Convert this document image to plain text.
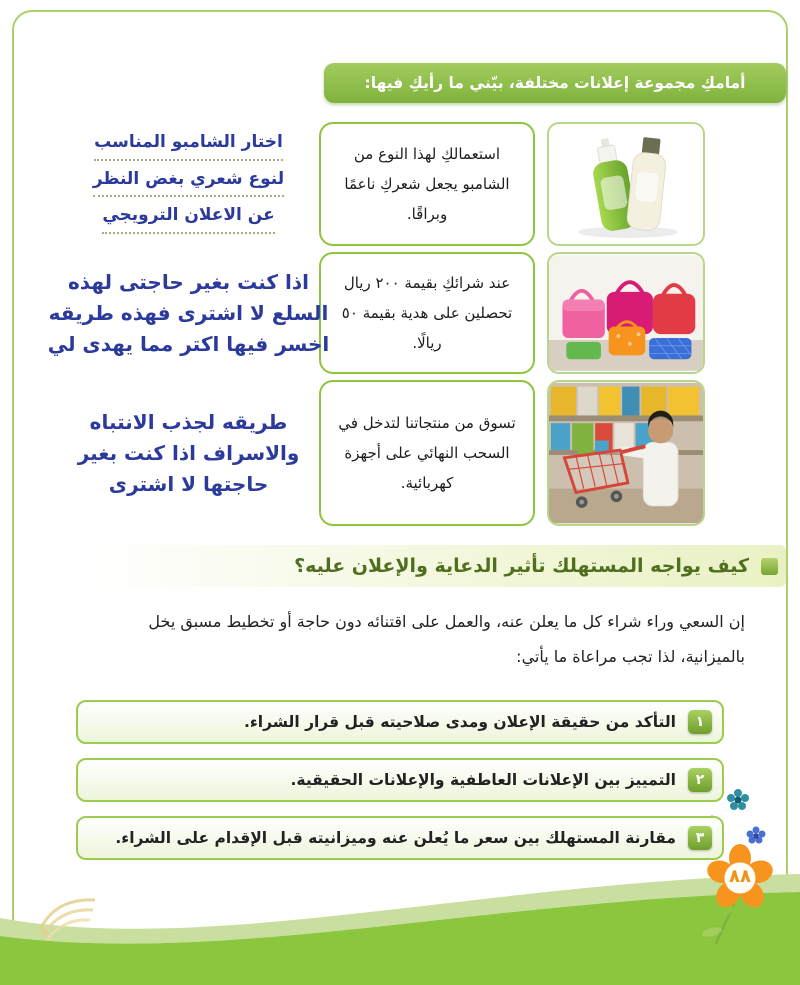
أمامكِ مجموعة إعلانات مختلفة، بيّني ما رأيكِ فيها:

استعمالكِ لهذا النوع من الشامبو يجعل شعركِ ناعمًا وبراقًا.

اختار الشامبو المناسب
لنوع شعري بغض النظر
عن الاعلان الترويجي

عند شرائكِ بقيمة ٢٠٠ ريال تحصلين على هدية بقيمة ٥٠ ريالًا.

اذا كنت بغير حاجتى لهذه
السلع لا اشترى فهذه طريقه
اخسر فيها اكتر مما يهدى لي

تسوق من منتجاتنا لتدخل في السحب النهائي على أجهزة كهربائية.

طريقه لجذب الانتباه
والاسراف اذا كنت بغير
حاجتها لا اشترى
كيف يواجه المستهلك تأثير الدعاية والإعلان عليه؟

إن السعي وراء شراء كل ما يعلن عنه، والعمل على اقتنائه دون حاجة أو تخطيط مسبق يخل بالميزانية، لذا تجب مراعاة ما يأتي:

١
التأكد من حقيقة الإعلان ومدى صلاحيته قبل قرار الشراء.
٢
التمييز بين الإعلانات العاطفية والإعلانات الحقيقية.
٣
مقارنة المستهلك بين سعر ما يُعلن عنه وميزانيته قبل الإقدام على الشراء.
٨٨
